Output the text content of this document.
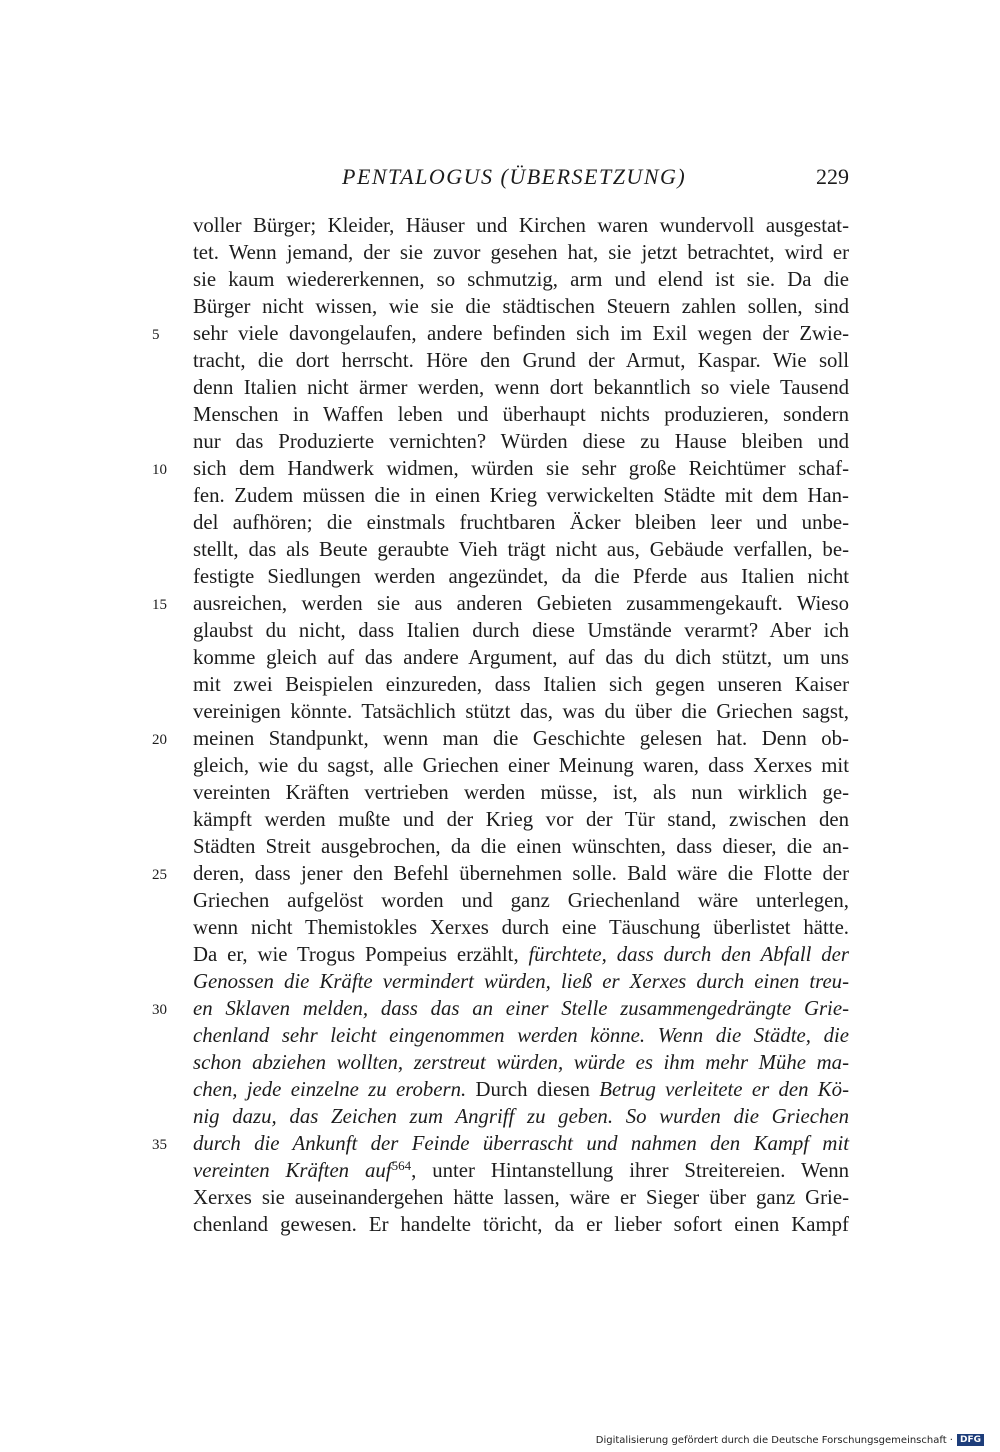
PENTALOGUS (ÜBERSETZUNG)	229
voller Bürger; Kleider, Häuser und Kirchen waren wundervoll ausgestat-
tet. Wenn jemand, der sie zuvor gesehen hat, sie jetzt betrachtet, wird er
sie kaum wiedererkennen, so schmutzig, arm und elend ist sie. Da die
Bürger nicht wissen, wie sie die städtischen Steuern zahlen sollen, sind
sehr viele davongelaufen, andere befinden sich im Exil wegen der Zwie-
tracht, die dort herrscht. Höre den Grund der Armut, Kaspar. Wie soll
denn Italien nicht ärmer werden, wenn dort bekanntlich so viele Tausend
Menschen in Waffen leben und überhaupt nichts produzieren, sondern
nur das Produzierte vernichten? Würden diese zu Hause bleiben und
sich dem Handwerk widmen, würden sie sehr große Reichtümer schaf-
fen. Zudem müssen die in einen Krieg verwickelten Städte mit dem Han-
del aufhören; die einstmals fruchtbaren Äcker bleiben leer und unbe-
stellt, das als Beute geraubte Vieh trägt nicht aus, Gebäude verfallen, be-
festigte Siedlungen werden angezündet, da die Pferde aus Italien nicht
ausreichen, werden sie aus anderen Gebieten zusammengekauft. Wieso
glaubst du nicht, dass Italien durch diese Umstände verarmt? Aber ich
komme gleich auf das andere Argument, auf das du dich stützt, um uns
mit zwei Beispielen einzureden, dass Italien sich gegen unseren Kaiser
vereinigen könnte. Tatsächlich stützt das, was du über die Griechen sagst,
meinen Standpunkt, wenn man die Geschichte gelesen hat. Denn ob-
gleich, wie du sagst, alle Griechen einer Meinung waren, dass Xerxes mit
vereinten Kräften vertrieben werden müsse, ist, als nun wirklich ge-
kämpft werden mußte und der Krieg vor der Tür stand, zwischen den
Städten Streit ausgebrochen, da die einen wünschten, dass dieser, die an-
deren, dass jener den Befehl übernehmen solle. Bald wäre die Flotte der
Griechen aufgelöst worden und ganz Griechenland wäre unterlegen,
wenn nicht Themistokles Xerxes durch eine Täuschung überlistet hätte.
Da er, wie Trogus Pompeius erzählt, fürchtete, dass durch den Abfall der
Genossen die Kräfte vermindert würden, ließ er Xerxes durch einen treu-
en Sklaven melden, dass das an einer Stelle zusammengedrängte Grie-
chenland sehr leicht eingenommen werden könne. Wenn die Städte, die
schon abziehen wollten, zerstreut würden, würde es ihm mehr Mühe ma-
chen, jede einzelne zu erobern. Durch diesen Betrug verleitete er den Kö-
nig dazu, das Zeichen zum Angriff zu geben. So wurden die Griechen
durch die Ankunft der Feinde überrascht und nahmen den Kampf mit
vereinten Kräften auf$^{564}$, unter Hintanstellung ihrer Streitereien. Wenn
Xerxes sie auseinandergehen hätte lassen, wäre er Sieger über ganz Grie-
chenland gewesen. Er handelte töricht, da er lieber sofort einen Kampf
5
10
15
20
25
30
35
Digitalisierung gefördert durch die Deutsche Forschungsgemeinschaft · DFG
